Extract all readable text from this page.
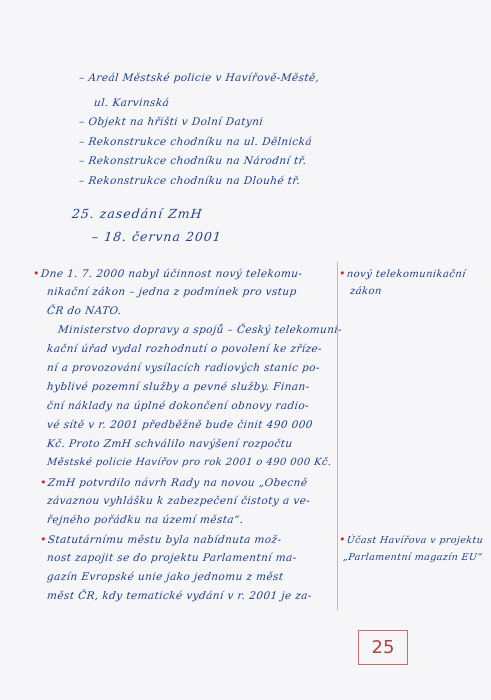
– Areál Městské policie v Havířově-Městě,
ul. Karvinská
– Objekt na hřišti v Dolní Datyni
– Rekonstrukce chodníku na ul. Dělnická
– Rekonstrukce chodníku na Národní tř.
– Rekonstrukce chodníku na Dlouhé tř.
25. zasedání ZmH
– 18. června 2001
•Dne 1. 7. 2000 nabyl účinnost nový telekomu-
nikační zákon – jedna z podmínek pro vstup
ČR do NATO.
Ministerstvo dopravy a spojů – Český telekomuni-
kační úřad vydal rozhodnutí o povolení ke zříze-
ní a provozování vysílacích radiových stanic po-
hyblivé pozemní služby a pevné služby. Finan-
ční náklady na úplné dokončení obnovy radio-
vé sítě v r. 2001 předběžně bude činit 490 000
Kč. Proto ZmH schválilo navýšení rozpočtu
Městské policie Havířov pro rok 2001 o 490 000 Kč.
•ZmH potvrdilo návrh Rady na novou „Obecně
závaznou vyhlášku k zabezpečení čistoty a ve-
řejného pořádku na území města“.
•Statutárnímu městu byla nabídnuta mož-
nost zapojit se do projektu Parlamentní ma-
gazín Evropské unie jako jednomu z měst
měst ČR, kdy tematické vydání v r. 2001 je za-
•nový telekomunikační
zákon
•Účast Havířova v projektu
„Parlamentní magazín EU“
25
